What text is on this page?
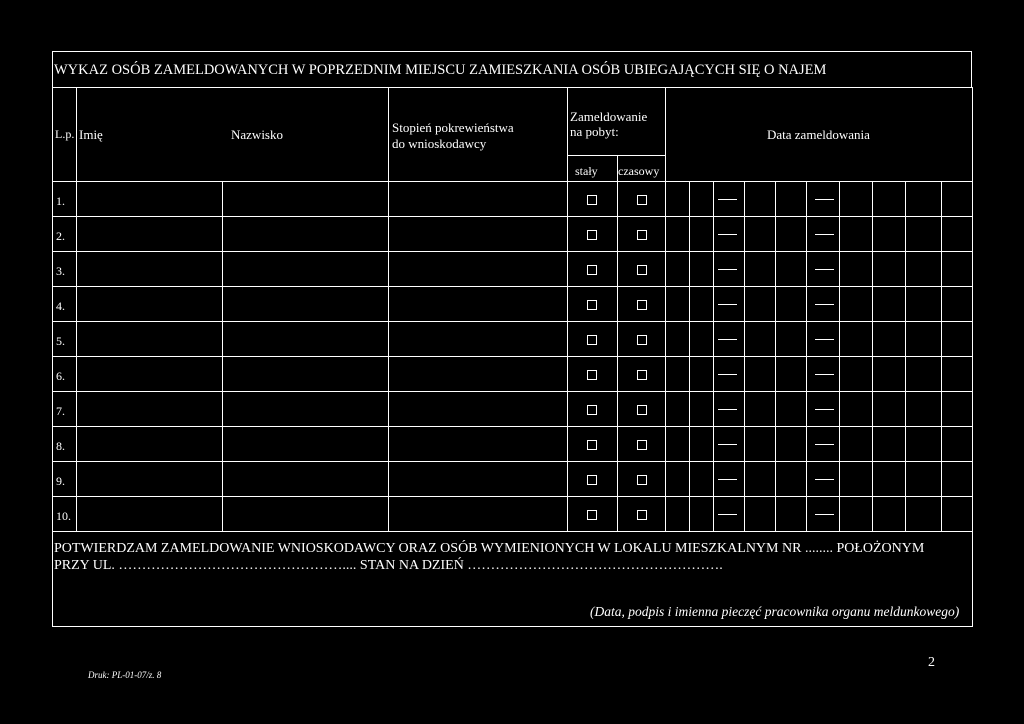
WYKAZ OSÓB ZAMELDOWANYCH W POPRZEDNIM MIEJSCU ZAMIESZKANIA OSÓB UBIEGAJĄCYCH SIĘ O NAJEM
L.p. Imię	Nazwisko	Stopień pokrewieństwa
do wnioskodawcy
Zameldowanie
na pobyt:
stały czasowy
Data zameldowania
1.
2.
3.
4.
5.
6.
7.
8.
9.
10.
POTWIERDZAM ZAMELDOWANIE WNIOSKODAWCY ORAZ OSÓB WYMIENIONYCH W LOKALU MIESZKALNYM NR ........ POŁOŻONYM
PRZY UL. ………………………………………….... STAN NA DZIEŃ ……………………………………………….
(Data, podpis i imienna pieczęć pracownika organu meldunkowego)
Druk: PL-01-07/z. 8
2
